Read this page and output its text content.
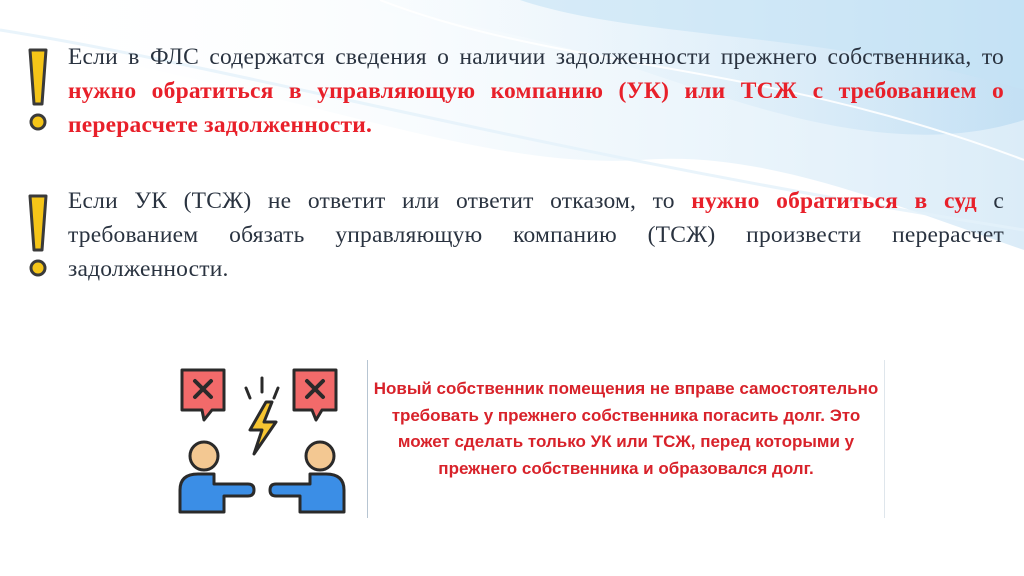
Если в ФЛС содержатся сведения о наличии задолженности прежнего собственника, то нужно обратиться в управляющую компанию (УК) или ТСЖ с требованием о перерасчете задолженности.
Если УК (ТСЖ) не ответит или ответит отказом, то нужно обратиться в суд с требованием обязать управляющую компанию (ТСЖ) произвести перерасчет задолженности.
Новый собственник помещения не вправе самостоятельно требовать у прежнего собственника погасить долг. Это может сделать только УК или ТСЖ, перед которыми у прежнего собственника и образовался долг.
